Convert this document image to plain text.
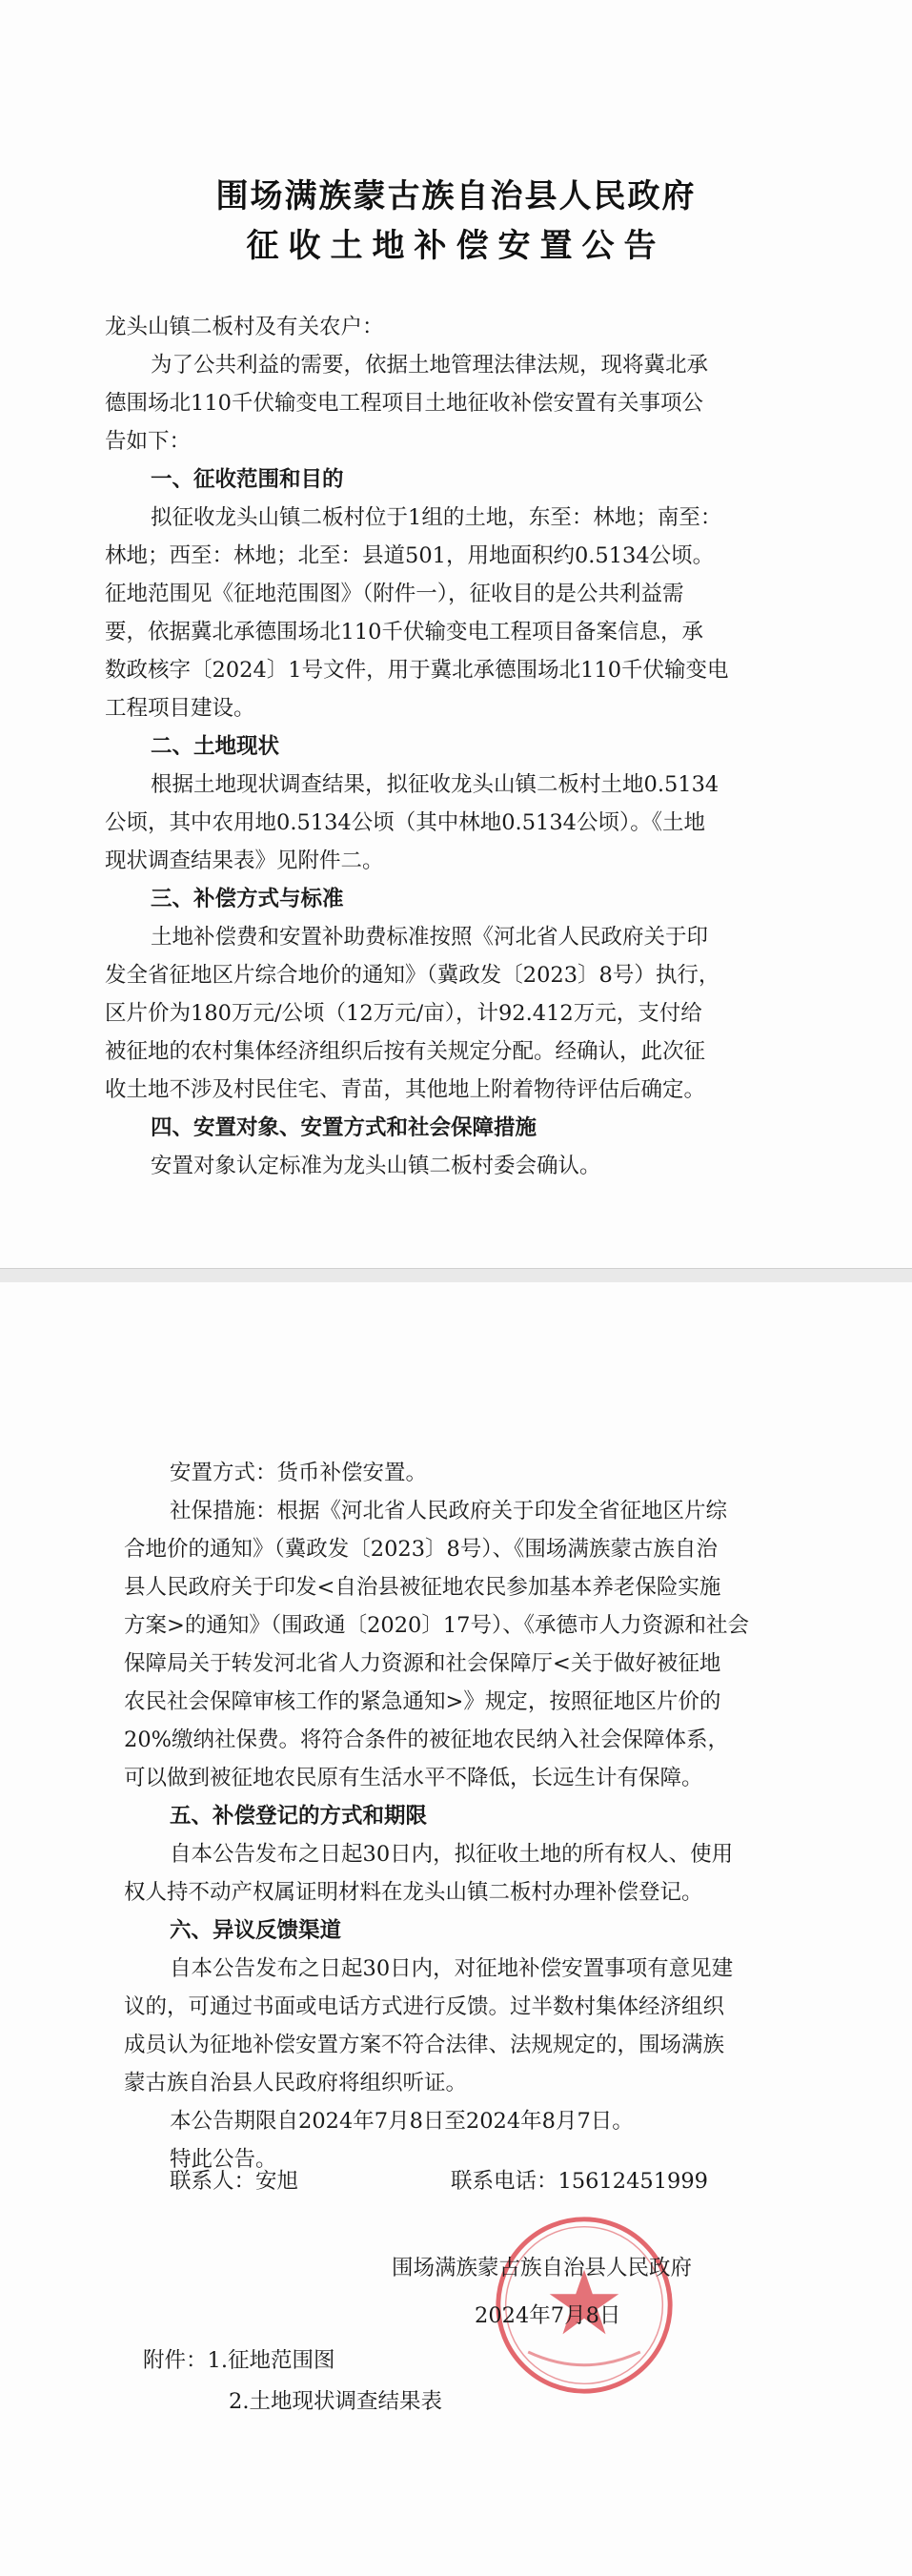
围场满族蒙古族自治县人民政府
征收土地补偿安置公告

龙头山镇二板村及有关农户：

为了公共利益的需要，依据土地管理法律法规，现将冀北承

德围场北110千伏输变电工程项目土地征收补偿安置有关事项公

告如下：

一、征收范围和目的

拟征收龙头山镇二板村位于1组的土地，东至：林地；南至：

林地；西至：林地；北至：县道501，用地面积约0.5134公顷。

征地范围见《征地范围图》（附件一），征收目的是公共利益需

要，依据冀北承德围场北110千伏输变电工程项目备案信息，承

数政核字〔2024〕1号文件，用于冀北承德围场北110千伏输变电

工程项目建设。

二、土地现状

根据土地现状调查结果，拟征收龙头山镇二板村土地0.5134

公顷，其中农用地0.5134公顷（其中林地0.5134公顷）。《土地

现状调查结果表》见附件二。

三、补偿方式与标准

土地补偿费和安置补助费标准按照《河北省人民政府关于印

发全省征地区片综合地价的通知》（冀政发〔2023〕8号）执行，

区片价为180万元/公顷（12万元/亩），计92.412万元，支付给

被征地的农村集体经济组织后按有关规定分配。经确认，此次征

收土地不涉及村民住宅、青苗，其他地上附着物待评估后确定。

四、安置对象、安置方式和社会保障措施

安置对象认定标准为龙头山镇二板村委会确认。

安置方式：货币补偿安置。

社保措施：根据《河北省人民政府关于印发全省征地区片综

合地价的通知》（冀政发〔2023〕8号）、《围场满族蒙古族自治

县人民政府关于印发<自治县被征地农民参加基本养老保险实施

方案>的通知》（围政通〔2020〕17号）、《承德市人力资源和社会

保障局关于转发河北省人力资源和社会保障厅<关于做好被征地

农民社会保障审核工作的紧急通知>》规定，按照征地区片价的

20%缴纳社保费。将符合条件的被征地农民纳入社会保障体系，

可以做到被征地农民原有生活水平不降低，长远生计有保障。

五、补偿登记的方式和期限

自本公告发布之日起30日内，拟征收土地的所有权人、使用

权人持不动产权属证明材料在龙头山镇二板村办理补偿登记。

六、异议反馈渠道

自本公告发布之日起30日内，对征地补偿安置事项有意见建

议的，可通过书面或电话方式进行反馈。过半数村集体经济组织

成员认为征地补偿安置方案不符合法律、法规规定的，围场满族

蒙古族自治县人民政府将组织听证。

本公告期限自2024年7月8日至2024年8月7日。

特此公告。

联系人：安旭	联系电话：15612451999
围场满族蒙古族自治县人民政府
2024年7月8日
附件：1.征地范围图
2.土地现状调查结果表
